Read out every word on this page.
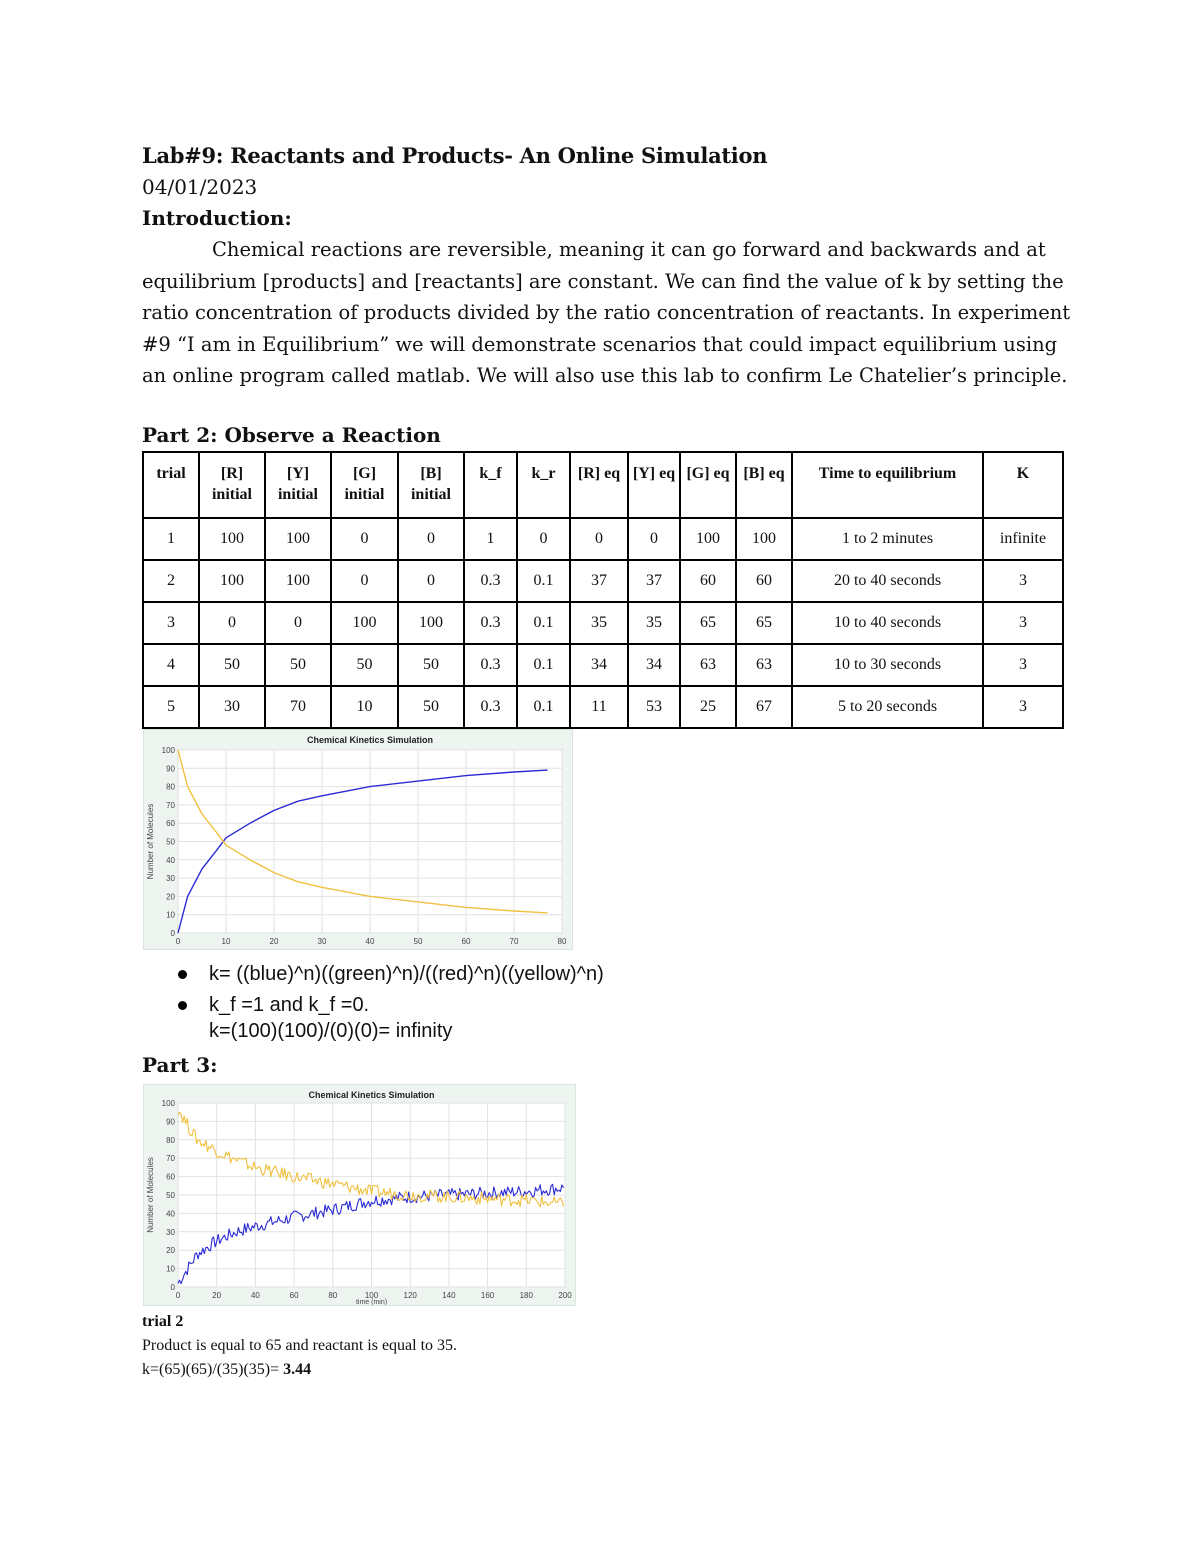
Lab#9: Reactants and Products- An Online Simulation
04/01/2023
Introduction:

Chemical reactions are reversible, meaning it can go forward and backwards and at equilibrium [products] and [reactants] are constant. We can find the value of k by setting the ratio concentration of products divided by the ratio concentration of reactants. In experiment #9 “I am in Equilibrium” we will demonstrate scenarios that could impact equilibrium using an online program called matlab. We will also use this lab to confirm Le Chatelier’s principle.

Part 2: Observe a Reaction
trial	[R] initial	[Y] initial	[G] initial	[B] initial	k_f	k_r	[R] eq	[Y] eq	[G] eq	[B] eq	Time to equilibrium	K
1	100	100	0	0	1	0	0	0	100	100	1 to 2 minutes	infinite
2	100	100	0	0	0.3	0.1	37	37	60	60	20 to 40 seconds	3
3	0	0	100	100	0.3	0.1	35	35	65	65	10 to 40 seconds	3
4	50	50	50	50	0.3	0.1	34	34	63	63	10 to 30 seconds	3
5	30	70	10	50	0.3	0.1	11	53	25	67	5 to 20 seconds	3
0	10	20	30	40	50	60	70	80
0
10
20
30
40
50
60
70
80
90
100
Chemical Kinetics Simulation
Number of Molecules
k= ((blue)^n)((green)^n)/((red)^n)((yellow)^n)
k_f =1 and k_f =0.
k=(100)(100)/(0)(0)= infinity
Part 3:
0	20	40	60	80	100	120	140	160	180	200
0
10
20
30
40
50
60
70
80
90
100
Chemical Kinetics Simulation
Number of Molecules
time (min)
trial 2
Product is equal to 65 and reactant is equal to 35.
k=(65)(65)/(35)(35)= 3.44
